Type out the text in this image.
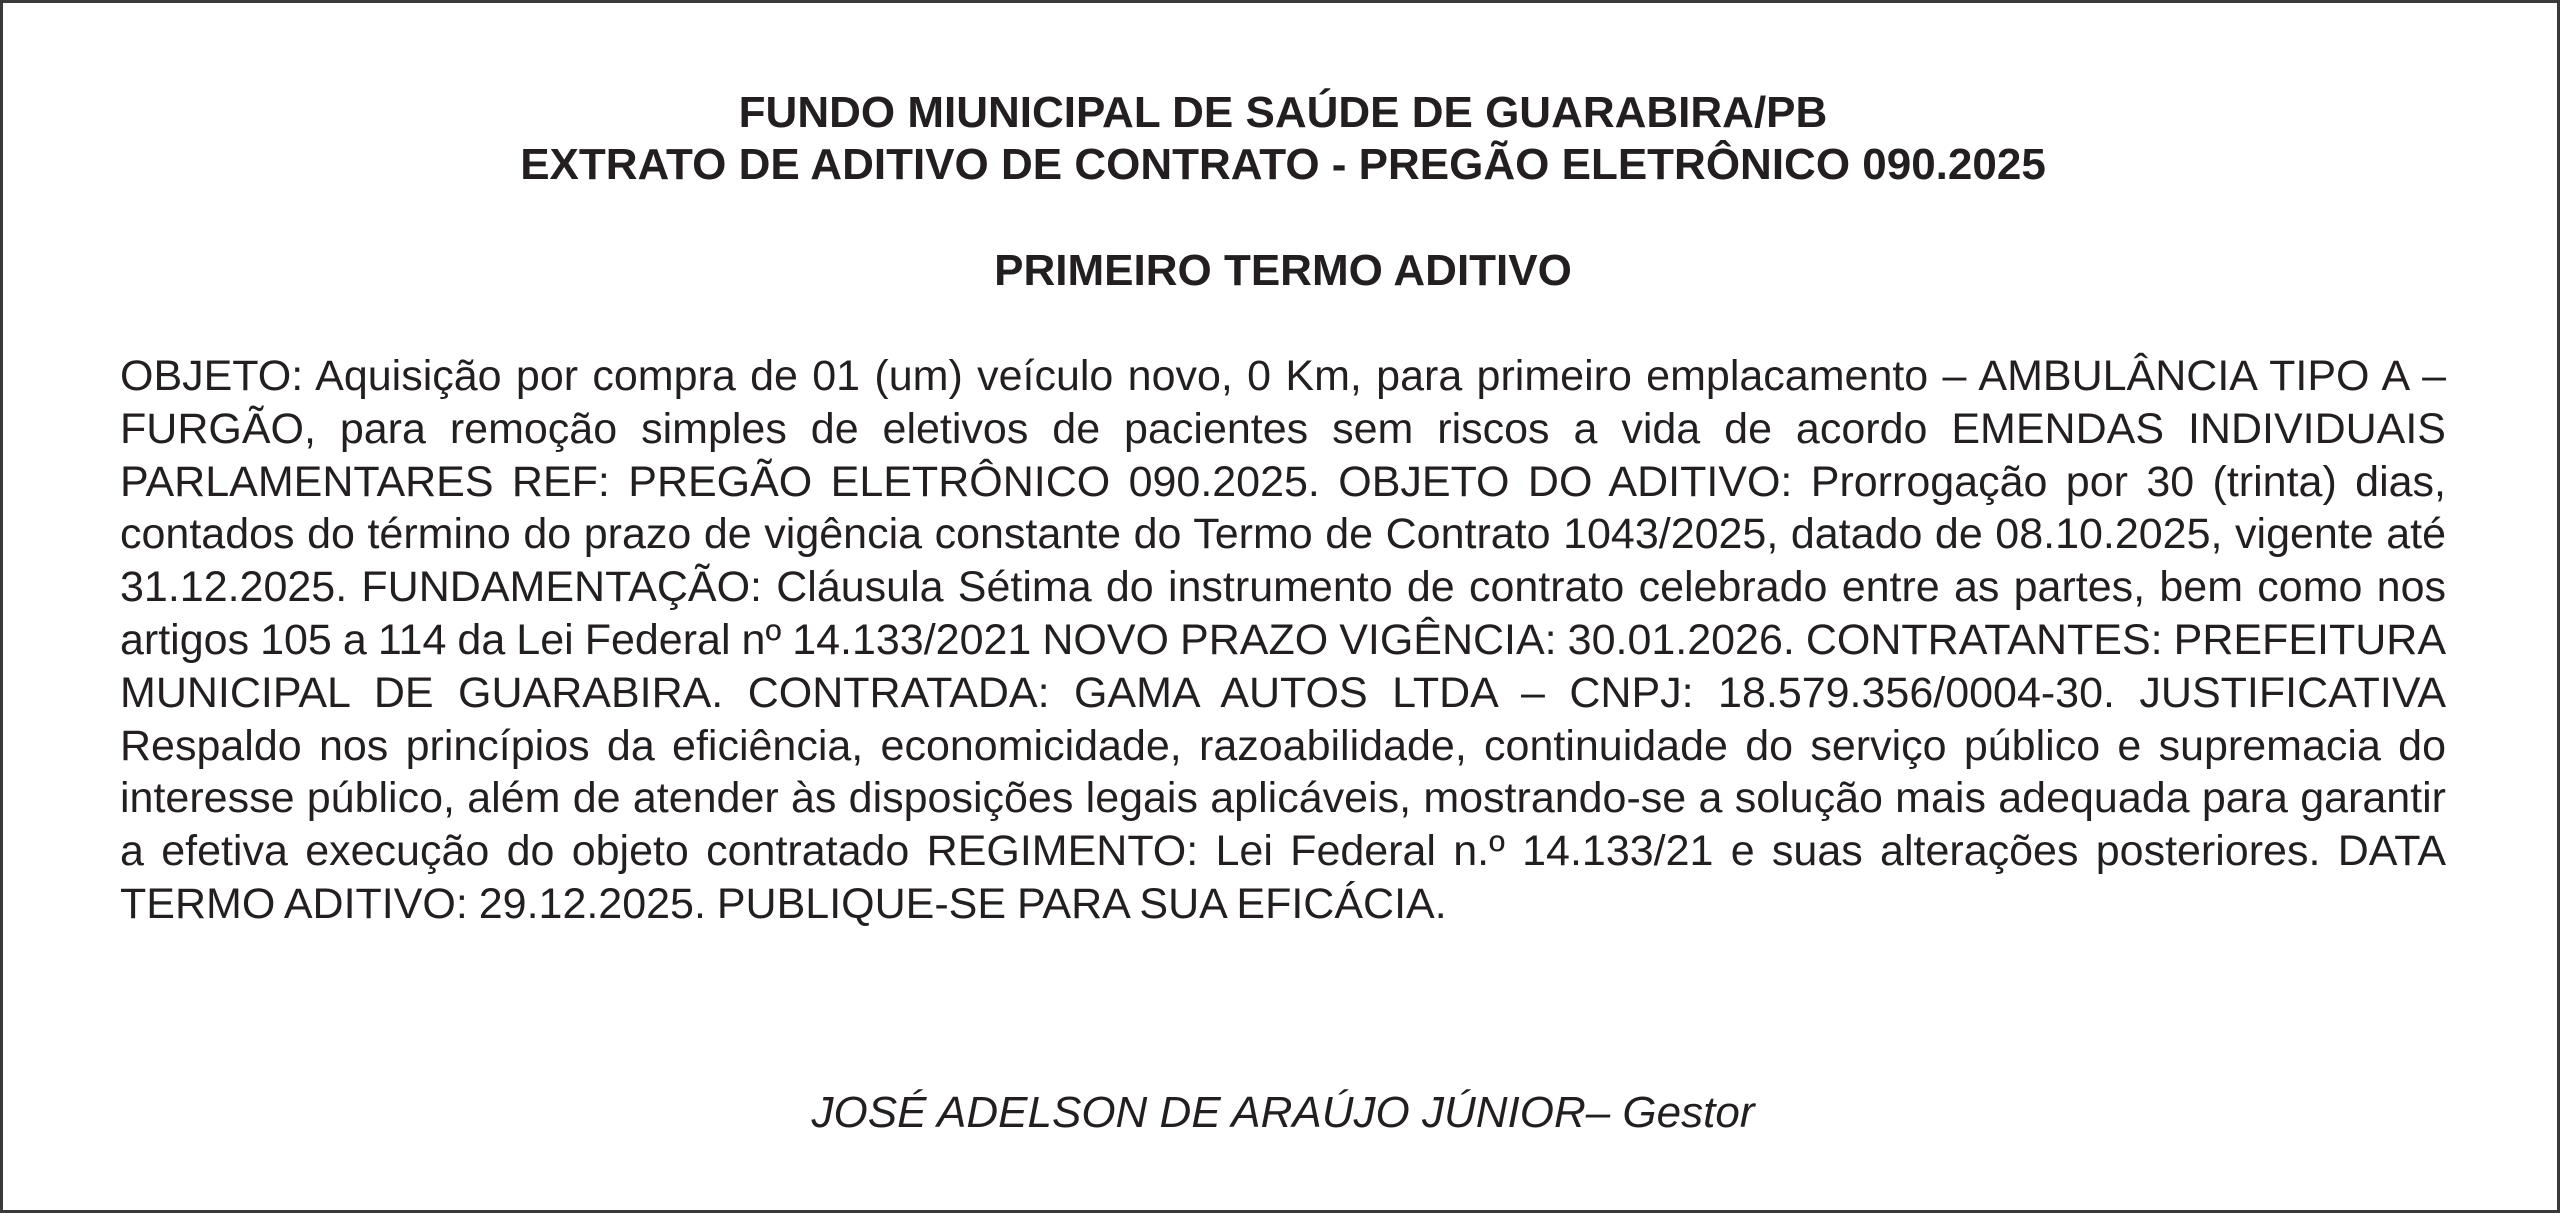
FUNDO MIUNICIPAL DE SAÚDE DE GUARABIRA/PB
EXTRATO DE ADITIVO DE CONTRATO - PREGÃO ELETRÔNICO 090.2025
PRIMEIRO TERMO ADITIVO
OBJETO: Aquisição por compra de 01 (um) veículo novo, 0 Km, para primeiro emplacamento – AMBULÂNCIA TIPO A – FURGÃO, para remoção simples de eletivos de pacientes sem riscos a vida de acordo EMENDAS INDIVIDUAIS PARLAMENTARES REF: PREGÃO ELETRÔNICO 090.2025. OBJETO DO ADITIVO: Prorrogação por 30 (trinta) dias, contados do término do prazo de vigência constante do Termo de Contrato 1043/2025, datado de 08.10.2025, vigente até 31.12.2025. FUNDAMENTAÇÃO: Cláusula Sétima do instrumento de contrato celebrado entre as partes, bem como nos artigos 105 a 114 da Lei Federal nº 14.133/2021 NOVO PRAZO VIGÊNCIA: 30.01.2026. CONTRATANTES: PREFEITURA MUNICIPAL DE GUARABIRA. CONTRATADA: GAMA AUTOS LTDA – CNPJ: 18.579.356/0004-30. JUSTIFICATIVA Respaldo nos princípios da eficiência, economicidade, razoabilidade, continuidade do serviço público e supremacia do interesse público, além de atender às disposições legais aplicáveis, mostrando-se a solução mais adequada para garantir a efetiva execução do objeto contratado REGIMENTO: Lei Federal n.º 14.133/21 e suas alterações posteriores. DATA TERMO ADITIVO: 29.12.2025. PUBLIQUE-SE PARA SUA EFICÁCIA.
JOSÉ ADELSON DE ARAÚJO JÚNIOR– Gestor
